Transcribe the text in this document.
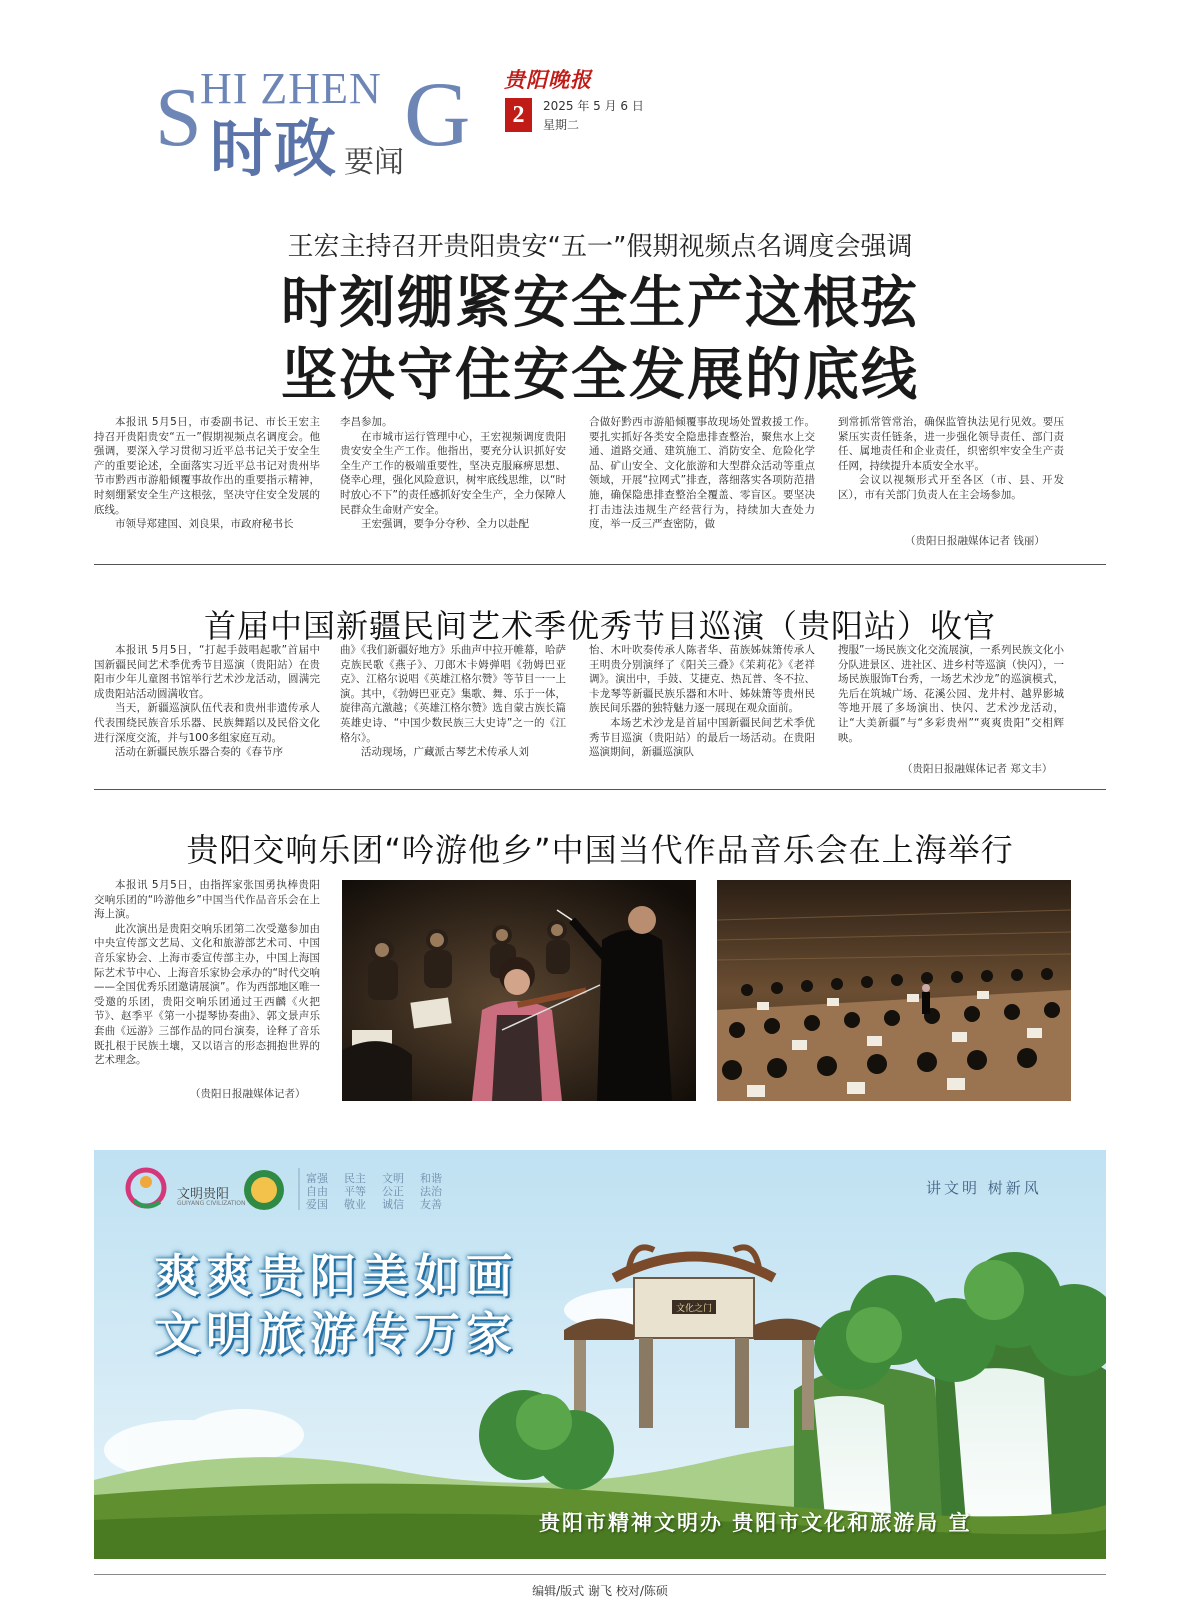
S
HI ZHEN G
时政 要闻
贵阳晚报
2	2025 年 5 月 6 日
星期二
王宏主持召开贵阳贵安“五一”假期视频点名调度会强调
时刻绷紧安全生产这根弦
坚决守住安全发展的底线

本报讯 5月5日，市委副书记、市长王宏主持召开贵阳贵安“五一”假期视频点名调度会。他强调，要深入学习贯彻习近平总书记关于安全生产的重要论述，全面落实习近平总书记对贵州毕节市黔西市游船倾覆事故作出的重要指示精神，时刻绷紧安全生产这根弦，坚决守住安全发展的底线。

市领导郑建国、刘良果，市政府秘书长

李昌参加。

在市城市运行管理中心，王宏视频调度贵阳贵安安全生产工作。他指出，要充分认识抓好安全生产工作的极端重要性，坚决克服麻痹思想、侥幸心理，强化风险意识，树牢底线思维，以“时时放心不下”的责任感抓好安全生产，全力保障人民群众生命财产安全。

王宏强调，要争分夺秒、全力以赴配

合做好黔西市游船倾覆事故现场处置救援工作。要扎实抓好各类安全隐患排查整治，聚焦水上交通、道路交通、建筑施工、消防安全、危险化学品、矿山安全、文化旅游和大型群众活动等重点领域，开展“拉网式”排查，落细落实各项防范措施，确保隐患排查整治全覆盖、零盲区。要坚决打击违法违规生产经营行为，持续加大查处力度，举一反三严查密防，做

到常抓常管常治，确保监管执法见行见效。要压紧压实责任链条，进一步强化领导责任、部门责任、属地责任和企业责任，织密织牢安全生产责任网，持续提升本质安全水平。

会议以视频形式开至各区（市、县、开发区），市有关部门负责人在主会场参加。

（贵阳日报融媒体记者 钱丽）
首届中国新疆民间艺术季优秀节目巡演（贵阳站）收官

本报讯 5月5日，“打起手鼓唱起歌”首届中国新疆民间艺术季优秀节目巡演（贵阳站）在贵阳市少年儿童图书馆举行艺术沙龙活动，圆满完成贵阳站活动圆满收官。

当天，新疆巡演队伍代表和贵州非遗传承人代表围绕民族音乐乐器、民族舞蹈以及民俗文化进行深度交流，并与100多组家庭互动。

活动在新疆民族乐器合奏的《春节序

曲》《我们新疆好地方》乐曲声中拉开帷幕，哈萨克族民歌《燕子》、刀郎木卡姆弹唱《勃姆巴亚克》、江格尔说唱《英雄江格尔赞》等节目一一上演。其中，《勃姆巴亚克》集歌、舞、乐于一体，旋律高亢激越；《英雄江格尔赞》选自蒙古族长篇英雄史诗、“中国少数民族三大史诗”之一的《江格尔》。

活动现场，广藏派古琴艺术传承人刘

怡、木叶吹奏传承人陈者华、苗族姊妹箫传承人王明贵分别演绎了《阳关三叠》《茉莉花》《老祥调》。演出中，手鼓、艾捷克、热瓦普、冬不拉、卡龙琴等新疆民族乐器和木叶、姊妹箫等贵州民族民间乐器的独特魅力逐一展现在观众面前。

本场艺术沙龙是首届中国新疆民间艺术季优秀节目巡演（贵阳站）的最后一场活动。在贵阳巡演期间，新疆巡演队

搜服”一场民族文化交流展演，一系列民族文化小分队进景区、进社区、进乡村等巡演（快闪），一场民族服饰T台秀，一场艺术沙龙”的巡演模式，先后在筑城广场、花溪公园、龙井村、越界影城等地开展了多场演出、快闪、艺术沙龙活动，让“大美新疆”与“多彩贵州”“爽爽贵阳”交相辉映。

（贵阳日报融媒体记者 郑文丰）
贵阳交响乐团“吟游他乡”中国当代作品音乐会在上海举行

本报讯 5月5日，由指挥家张国勇执棒贵阳交响乐团的“吟游他乡”中国当代作品音乐会在上海上演。

此次演出是贵阳交响乐团第二次受邀参加由中央宣传部文艺局、文化和旅游部艺术司、中国音乐家协会、上海市委宣传部主办，中国上海国际艺术节中心、上海音乐家协会承办的“时代交响——全国优秀乐团邀请展演”。作为西部地区唯一受邀的乐团，贵阳交响乐团通过王西麟《火把节》、赵季平《第一小提琴协奏曲》、郭文景声乐套曲《远游》三部作品的同台演奏，诠释了音乐既扎根于民族土壤，又以语言的形态拥抱世界的艺术理念。

（贵阳日报融媒体记者）
音乐会现场
文化之门
文明贵阳
GUIYANG CIVILIZATION
富强
自由
爱国
民主
平等
敬业
文明
公正
诚信
和谐
法治
友善
讲文明 树新风
爽爽贵阳美如画
文明旅游传万家
贵阳市精神文明办 贵阳市文化和旅游局 宣
编辑/版式 谢飞 校对/陈硕
